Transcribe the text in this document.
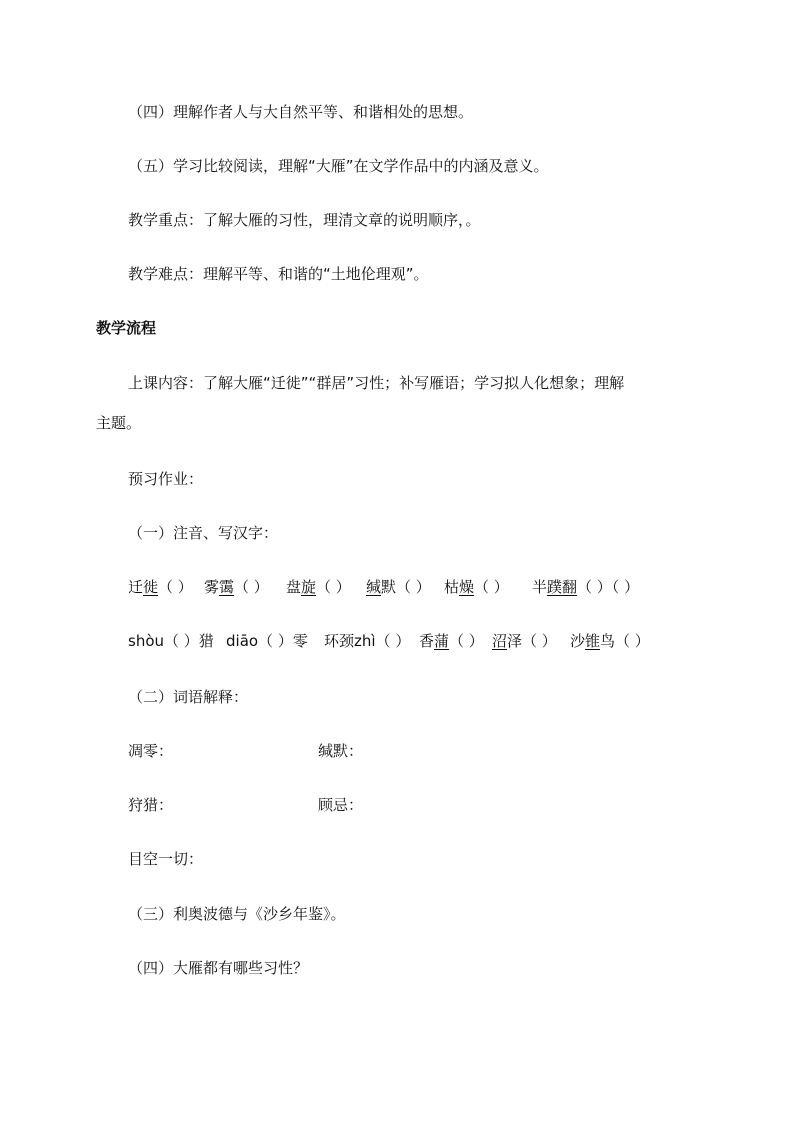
（四）理解作者人与大自然平等、和谐相处的思想。
（五）学习比较阅读，理解“大雁”在文学作品中的内涵及意义。
教学重点：了解大雁的习性，理清文章的说明顺序，。
教学难点：理解平等、和谐的“土地伦理观”。
教学流程
上课内容：了解大雁“迁徙”“群居”习性；补写雁语；学习拟人化想象；理解
主题。
预习作业：
（一）注音、写汉字：
迁徙（ ） 雾霭（ ）	盘旋（ ）	缄默（ ） 枯燥（ ）	半蹼翻（ ）（ ）
shòu（ ）猎 diāo（ ）零	环颈zhì（ ） 香蒲（ ） 沼泽（ ） 沙锥鸟（ ）
（二）词语解释：
凋零：	缄默：
狩猎：	顾忌：
目空一切：
（三）利奥波德与《沙乡年鉴》。
（四）大雁都有哪些习性？
